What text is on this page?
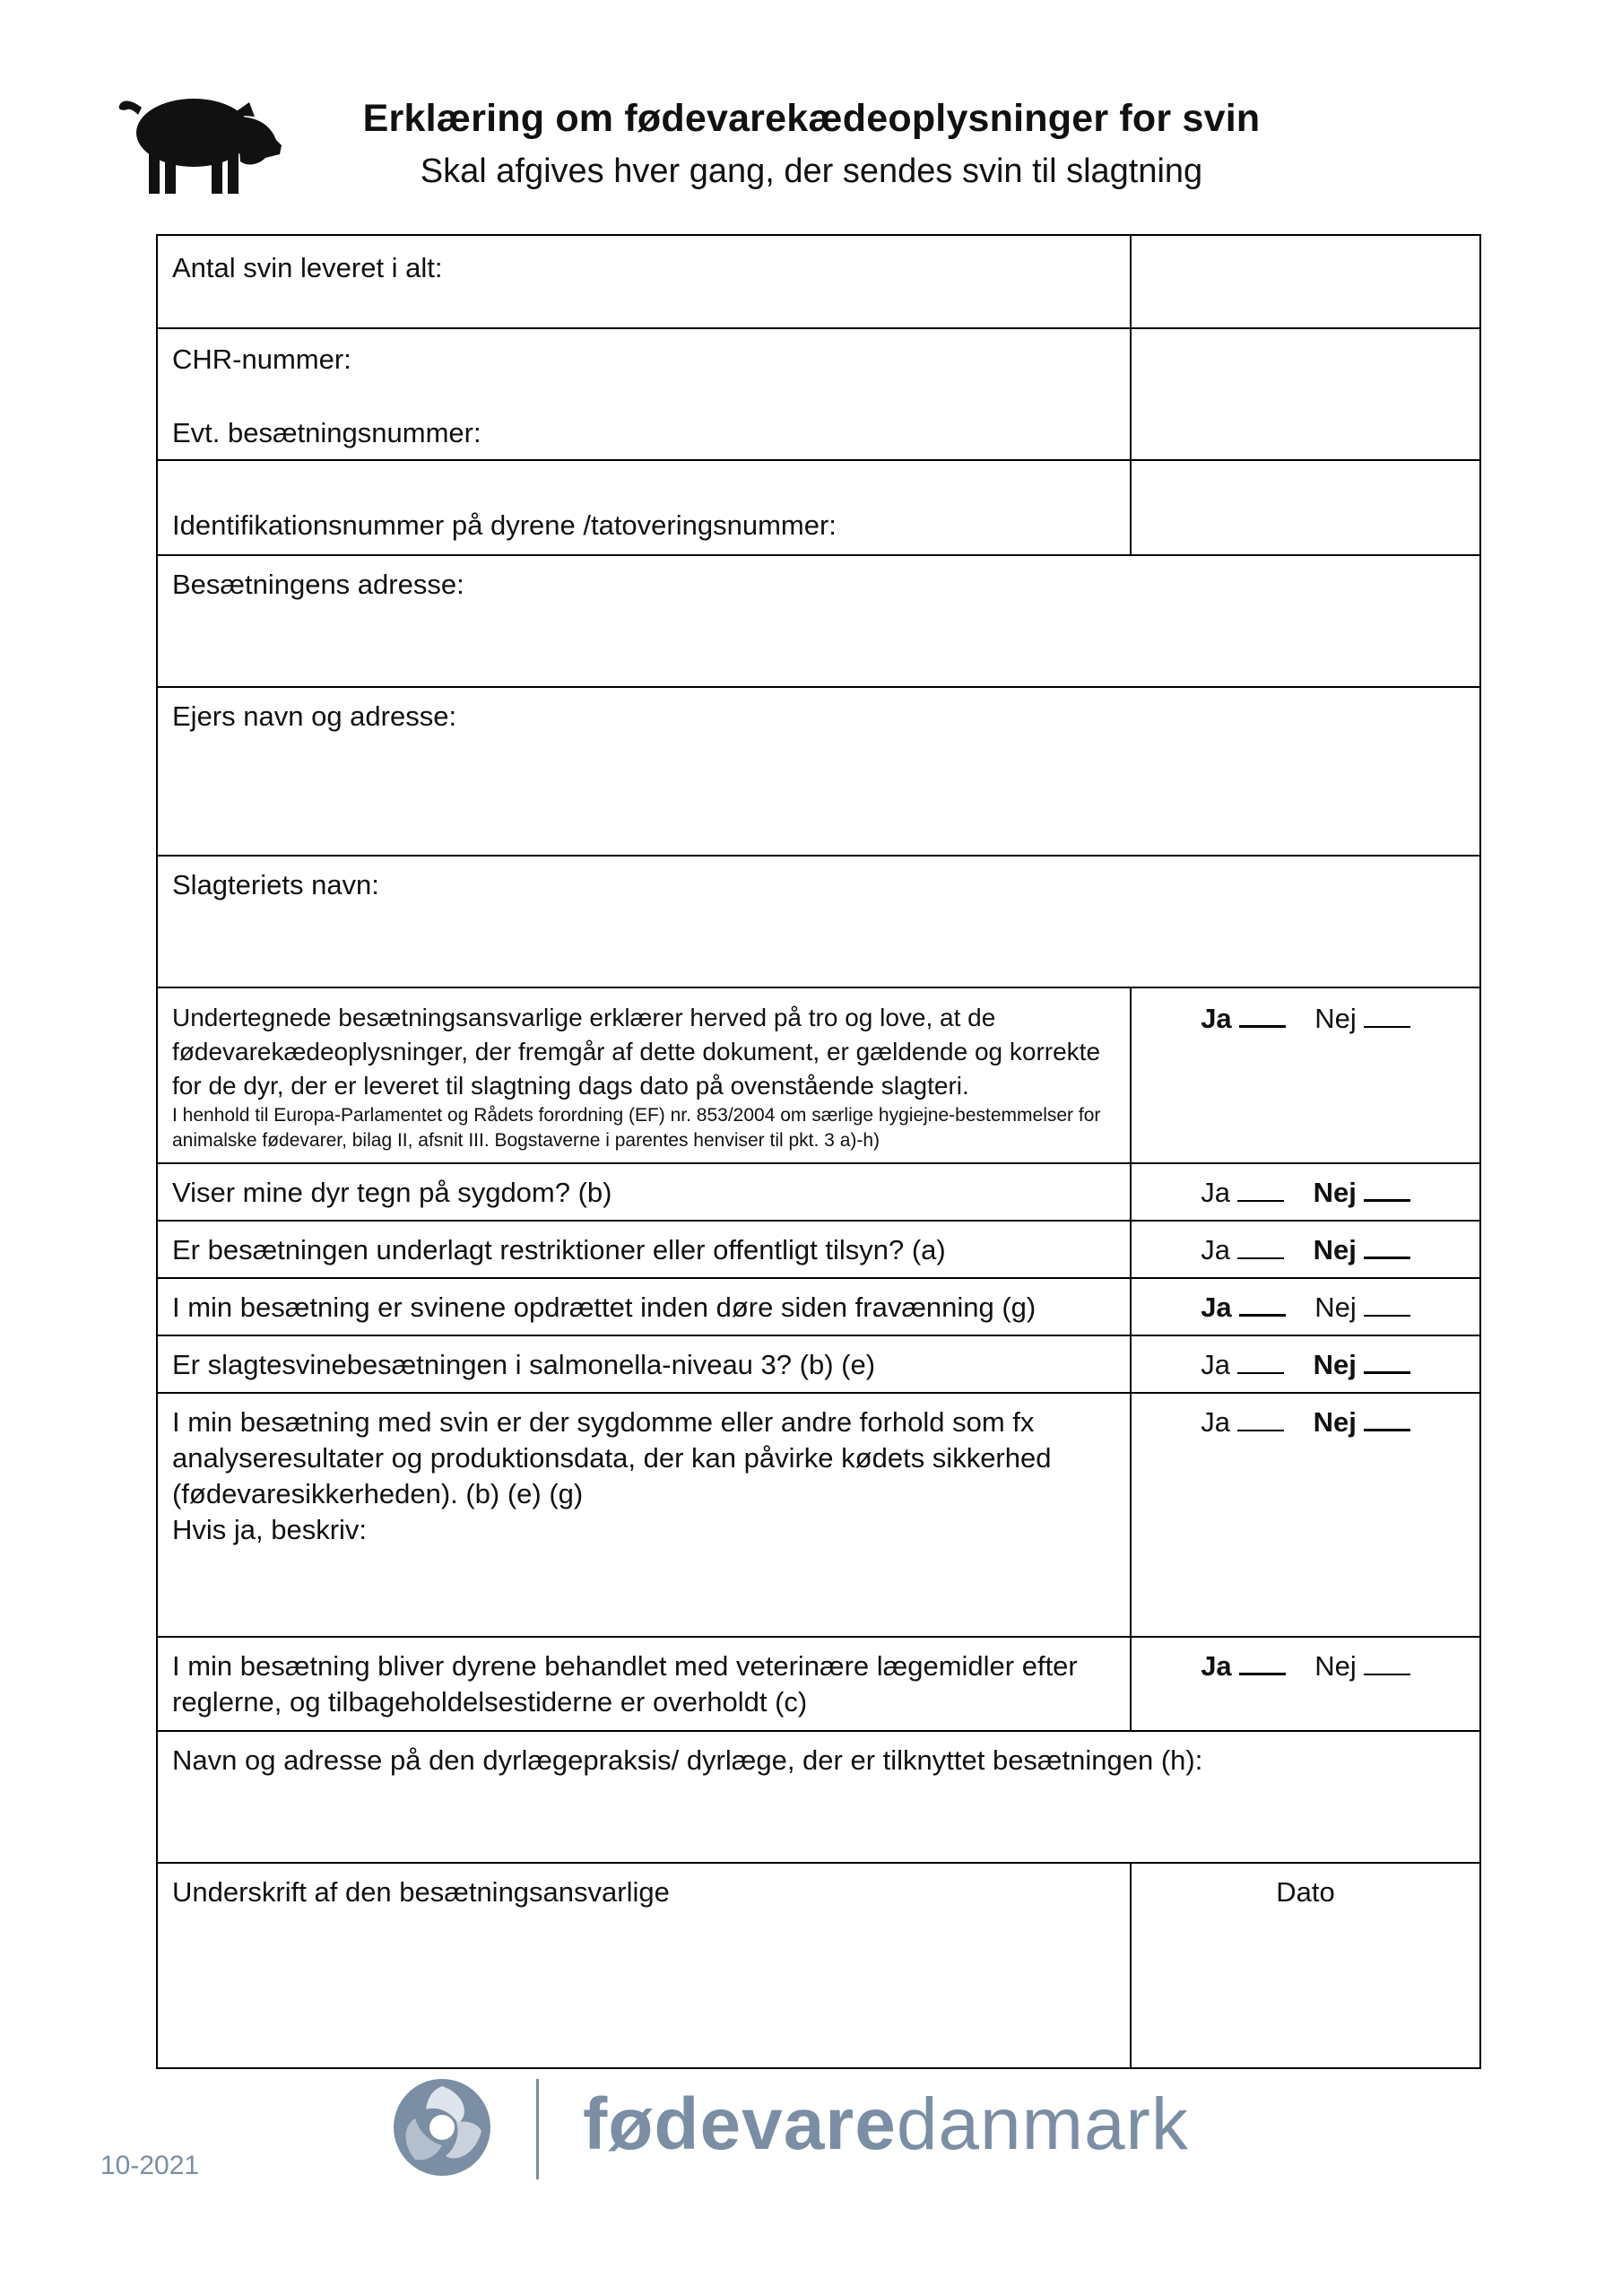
Erklæring om fødevarekædeoplysninger for svin
Skal afgives hver gang, der sendes svin til slagtning
Antal svin leveret i alt:	

CHR-nummer:
Evt. besætningsnummer:	

Identifikationsnummer på dyrene /tatoveringsnummer:	

Besætningens adresse:	

Ejers navn og adresse:	

Slagteriets navn:	

Undertegnede besætningsansvarlige erklærer herved på tro og love, at de fødevarekædeoplysninger, der fremgår af dette dokument, er gældende og korrekte for de dyr, der er leveret til slagtning dags dato på ovenstående slagteri.
I henhold til Europa-Parlamentet og Rådets forordning (EF) nr. 853/2004 om særlige hygiejne-bestemmelser for animalske fødevarer, bilag II, afsnit III. Bogstaverne i parentes henviser til pkt. 3 a)-h)	Ja Nej

Viser mine dyr tegn på sygdom? (b)	Ja Nej

Er besætningen underlagt restriktioner eller offentligt tilsyn? (a)	Ja Nej

I min besætning er svinene opdrættet inden døre siden fravænning (g)	Ja Nej

Er slagtesvinebesætningen i salmonella-niveau 3? (b) (e)	Ja Nej

I min besætning med svin er der sygdomme eller andre forhold som fx analyseresultater og produktionsdata, der kan påvirke kødets sikkerhed (fødevaresikkerheden). (b) (e) (g)
Hvis ja, beskriv:	Ja Nej

I min besætning bliver dyrene behandlet med veterinære lægemidler efter reglerne, og tilbageholdelsestiderne er overholdt (c)	Ja Nej

Navn og adresse på den dyrlægepraksis/ dyrlæge, der er tilknyttet besætningen (h):	

Underskrift af den besætningsansvarlige	Dato
fødevaredanmark
10-2021
